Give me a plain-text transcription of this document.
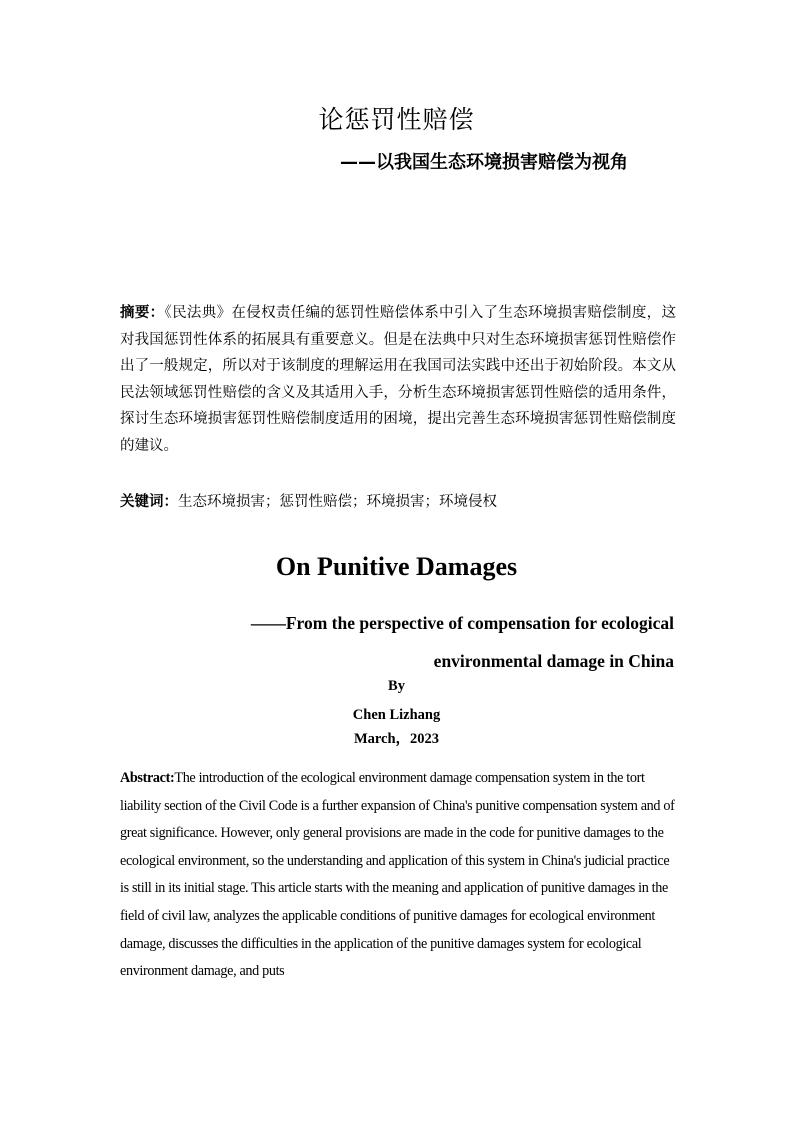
论惩罚性赔偿
——以我国生态环境损害赔偿为视角
摘要：《民法典》在侵权责任编的惩罚性赔偿体系中引入了生态环境损害赔偿制度，这对我国惩罚性体系的拓展具有重要意义。但是在法典中只对生态环境损害惩罚性赔偿作出了一般规定，所以对于该制度的理解运用在我国司法实践中还出于初始阶段。本文从民法领域惩罚性赔偿的含义及其适用入手，分析生态环境损害惩罚性赔偿的适用条件，探讨生态环境损害惩罚性赔偿制度适用的困境，提出完善生态环境损害惩罚性赔偿制度的建议。
关键词：生态环境损害；惩罚性赔偿；环境损害；环境侵权
On Punitive Damages
——From the perspective of compensation for ecological
environmental damage in China
By
Chen Lizhang
March，2023
Abstract:The introduction of the ecological environment damage compensation system in the tort liability section of the Civil Code is a further expansion of China's punitive compensation system and of great significance. However, only general provisions are made in the code for punitive damages to the ecological environment, so the understanding and application of this system in China's judicial practice is still in its initial stage. This article starts with the meaning and application of punitive damages in the field of civil law, analyzes the applicable conditions of punitive damages for ecological environment damage, discusses the difficulties in the application of the punitive damages system for ecological environment damage, and puts
